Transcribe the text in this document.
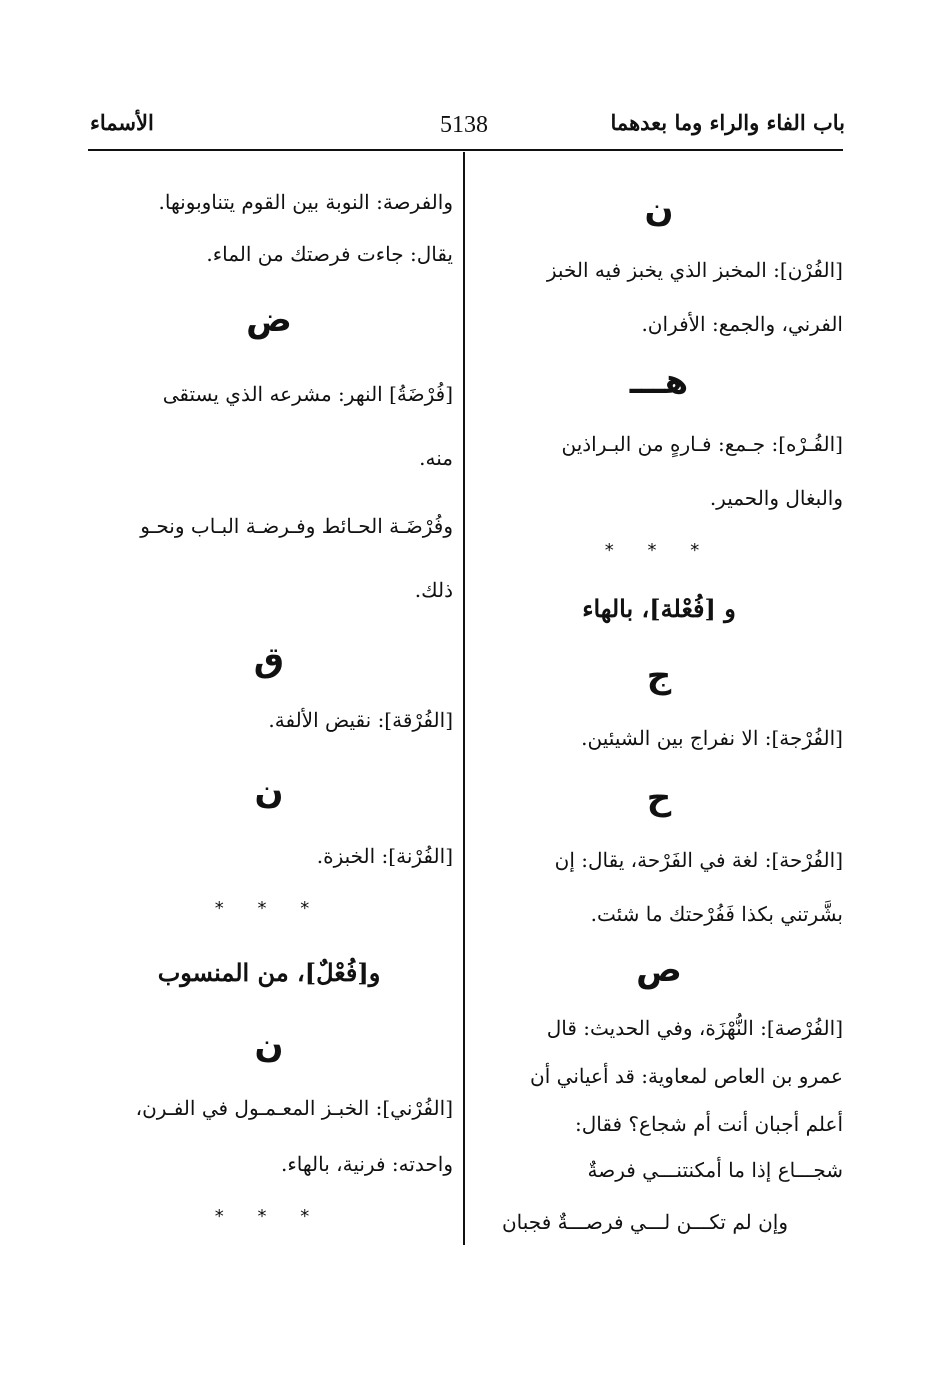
باب الفاء والراء وما بعدهما
5138
الأسماء
ن
[الفُرْن]: المخبز الذي يخبز فيه الخبز
الفرني، والجمع: الأفران.
هـــ
[الفُـرْه]: جـمع: فـارهٍ من البـراذين
والبغال والحمير.
* * *
و [فُعْلة]، بالهاء
ج
[الفُرْجة]: الا نفراج بين الشيئين.
ح
[الفُرْحة]: لغة في الفَرْحة، يقال: إن
بشَّرتني بكذا فَفُرْحتك ما شئت.
ص
[الفُرْصة]: النُّهْزَة، وفي الحديث: قال
عمرو بن العاص لمعاوية: قد أعياني أن
أعلم أجبان أنت أم شجاع؟ فقال:
شجـــاع إذا ما أمكنتنـــي فرصةٌ
وإن لم تكـــن لـــي فرصـــةٌ فجبان
والفرصة: النوبة بين القوم يتناوبونها.
يقال: جاءت فرصتك من الماء.
ض
[فُرْضَةُ] النهر: مشرعه الذي يستقى
منه.
وفُرْضَـة الحـائط وفـرضـة البـاب ونحـو
ذلك.
ق
[الفُرْقة]: نقيض الألفة.
ن
[الفُرْنة]: الخبزة.
* * *
و[فُعْلٌ]، من المنسوب
ن
[الفُرْني]: الخبـز المعـمـول في الفـرن،
واحدته: فرنية، بالهاء.
* * *
